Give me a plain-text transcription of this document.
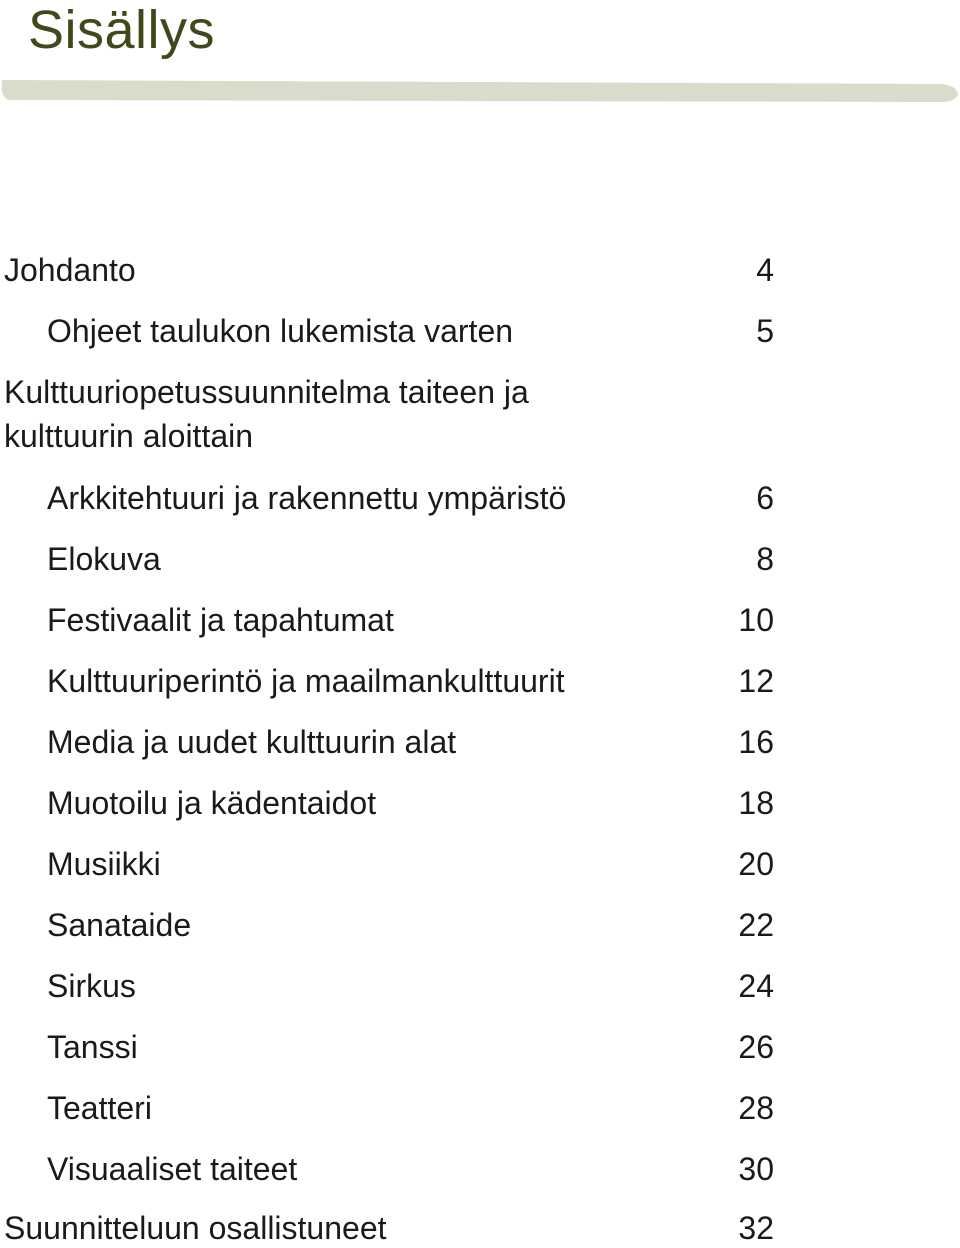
Sisällys
Johdanto	4
Ohjeet taulukon lukemista varten	5
Kulttuuriopetussuunnitelma taiteen ja
kulttuurin aloittain
Arkkitehtuuri ja rakennettu ympäristö	6
Elokuva	8
Festivaalit ja tapahtumat	10
Kulttuuriperintö ja maailmankulttuurit	12
Media ja uudet kulttuurin alat	16
Muotoilu ja kädentaidot	18
Musiikki	20
Sanataide	22
Sirkus	24
Tanssi	26
Teatteri	28
Visuaaliset taiteet	30
Suunnitteluun osallistuneet	32
